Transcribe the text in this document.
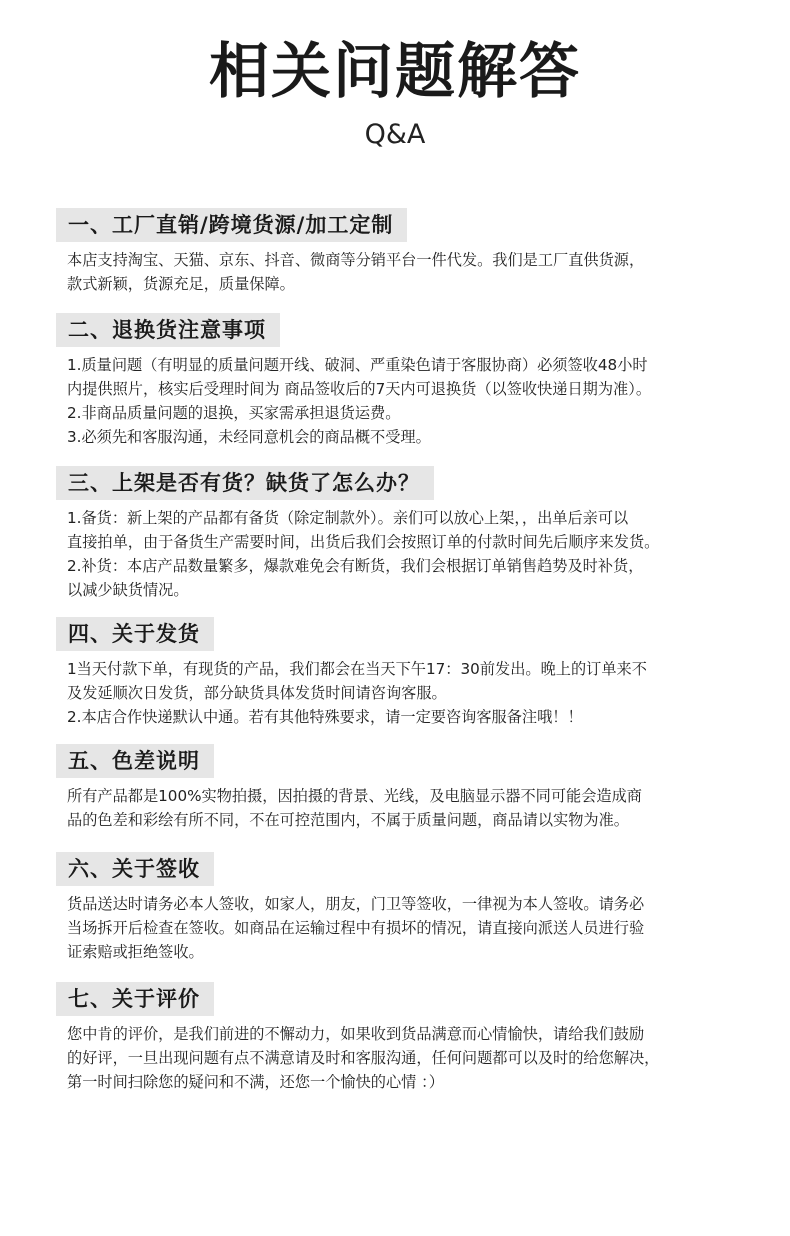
相关问题解答
Q&A
一、工厂直销/跨境货源/加工定制
本店支持淘宝、天猫、京东、抖音、微商等分销平台一件代发。我们是工厂直供货源，
款式新颖，货源充足，质量保障。
二、退换货注意事项
1.质量问题（有明显的质量问题开线、破洞、严重染色请于客服协商）必须签收48小时
内提供照片，核实后受理时间为 商品签收后的7天内可退换货（以签收快递日期为准）。
2.非商品质量问题的退换，买家需承担退货运费。
3.必须先和客服沟通，未经同意机会的商品概不受理。
三、上架是否有货？缺货了怎么办？
1.备货：新上架的产品都有备货（除定制款外）。亲们可以放心上架，，出单后亲可以
直接拍单，由于备货生产需要时间，出货后我们会按照订单的付款时间先后顺序来发货。
2.补货：本店产品数量繁多，爆款难免会有断货，我们会根据订单销售趋势及时补货，
以减少缺货情况。
四、关于发货
1当天付款下单，有现货的产品，我们都会在当天下午17：30前发出。晚上的订单来不
及发延顺次日发货，部分缺货具体发货时间请咨询客服。
2.本店合作快递默认中通。若有其他特殊要求，请一定要咨询客服备注哦！！
五、色差说明
所有产品都是100%实物拍摄，因拍摄的背景、光线，及电脑显示器不同可能会造成商
品的色差和彩绘有所不同，不在可控范围内，不属于质量问题，商品请以实物为准。
六、关于签收
货品送达时请务必本人签收，如家人，朋友，门卫等签收，一律视为本人签收。请务必
当场拆开后检查在签收。如商品在运输过程中有损坏的情况，请直接向派送人员进行验
证索赔或拒绝签收。
七、关于评价
您中肯的评价，是我们前进的不懈动力，如果收到货品满意而心情愉快，请给我们鼓励
的好评，一旦出现问题有点不满意请及时和客服沟通，任何问题都可以及时的给您解决，
第一时间扫除您的疑问和不满，还您一个愉快的心情 ：）
